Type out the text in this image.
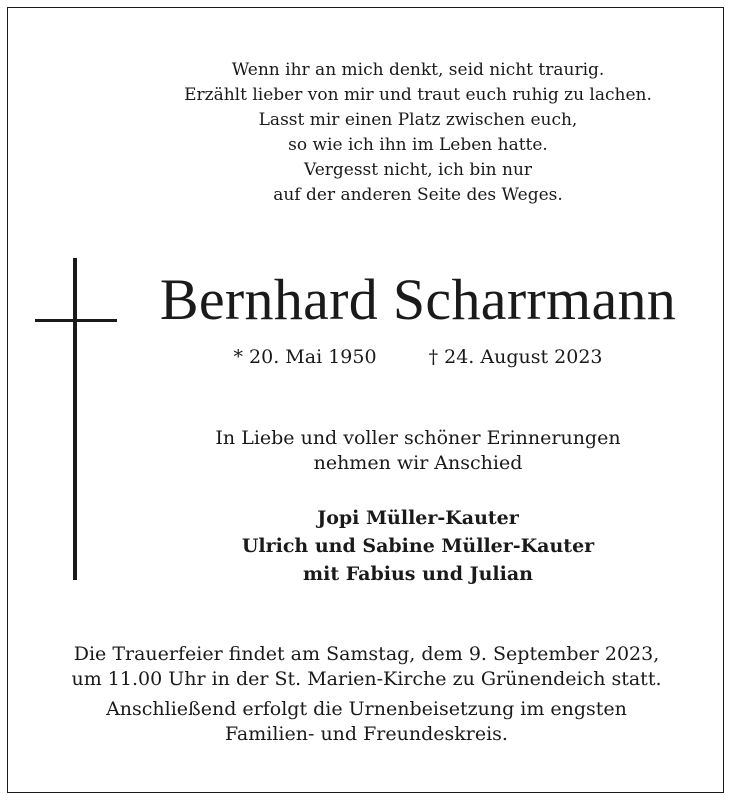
Wenn ihr an mich denkt, seid nicht traurig.
Erzählt lieber von mir und traut euch ruhig zu lachen.
Lasst mir einen Platz zwischen euch,
so wie ich ihn im Leben hatte.
Vergesst nicht, ich bin nur
auf der anderen Seite des Weges.
Bernhard Scharrmann
* 20. Mai 1950	† 24. August 2023
In Liebe und voller schöner Erinnerungen
nehmen wir Anschied
Jopi Müller-Kauter
Ulrich und Sabine Müller-Kauter
mit Fabius und Julian
Die Trauerfeier findet am Samstag, dem 9. September 2023,
um 11.00 Uhr in der St. Marien-Kirche zu Grünendeich statt.
Anschließend erfolgt die Urnenbeisetzung im engsten
Familien- und Freundeskreis.
